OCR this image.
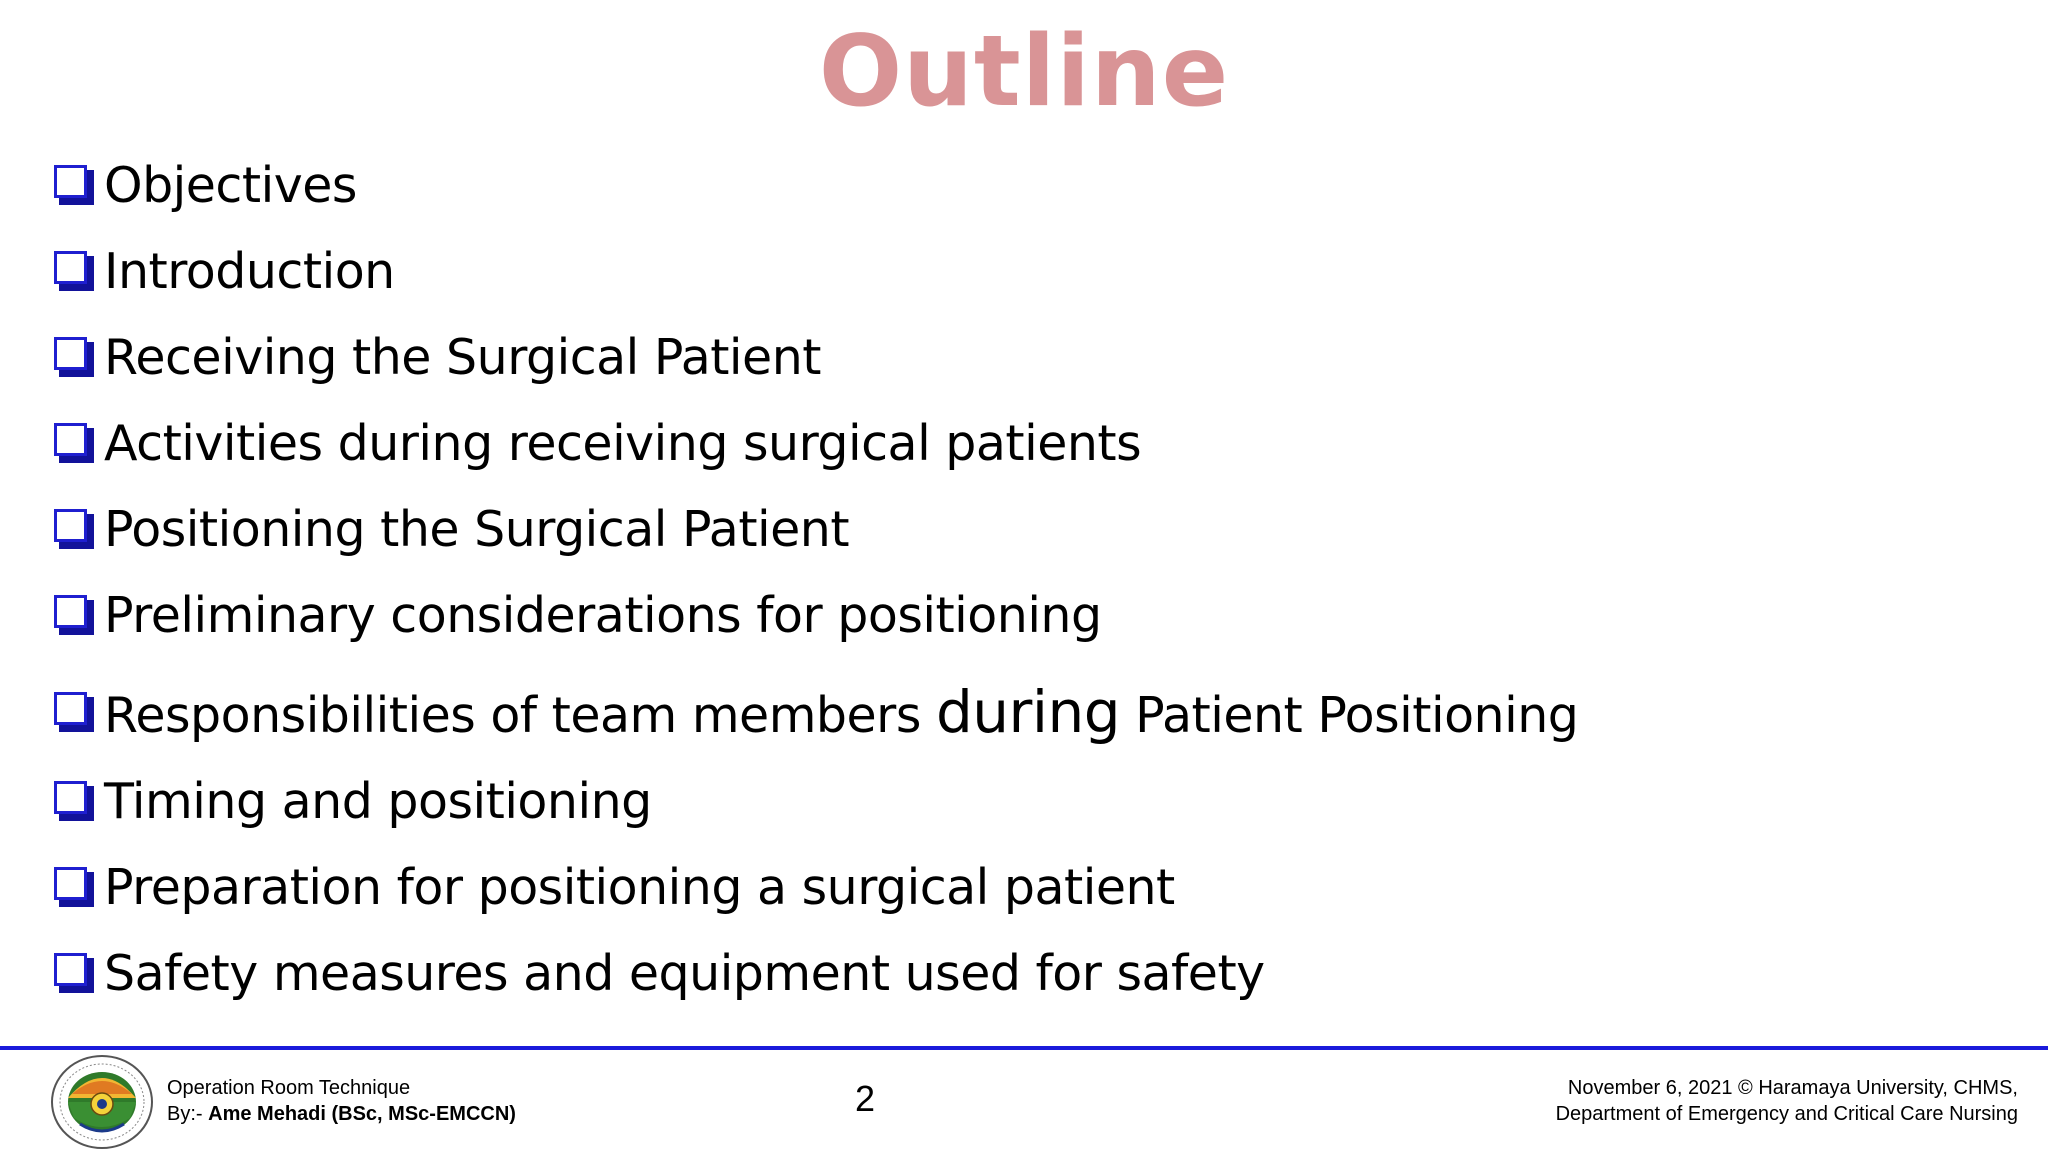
Outline
Objectives
Introduction
Receiving the Surgical Patient
Activities during receiving surgical patients
Positioning the Surgical Patient
Preliminary considerations for positioning
Responsibilities of team members during Patient Positioning
Timing and positioning
Preparation for positioning a surgical patient
Safety measures and equipment used for safety
Operation Room Technique
By:- Ame Mehadi (BSc, MSc-EMCCN)	2	November 6, 2021 © Haramaya University, CHMS,
Department of Emergency and Critical Care Nursing
